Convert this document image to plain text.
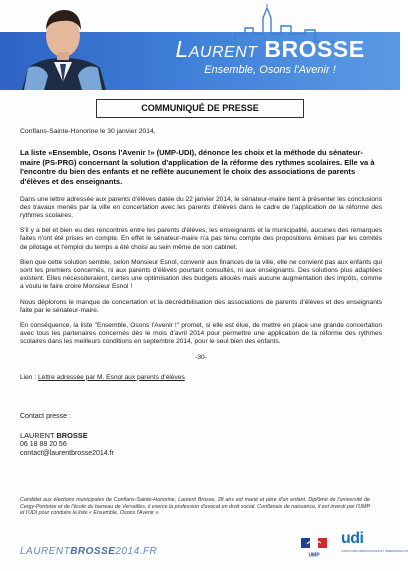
Laurent BROSSE
Ensemble, Osons l'Avenir !
COMMUNIQUÉ DE PRESSE
Conflans-Sainte-Honorine le 30 janvier 2014,
La liste «Ensemble, Osons l'Avenir !» (UMP-UDI), dénonce les choix et la méthode du sénateur-maire (PS-PRG) concernant la solution d'application de la réforme des rythmes scolaires. Elle va à l'encontre du bien des enfants et ne reflète aucunement le choix des associations de parents d'élèves et des enseignants.
Dans une lettre adressée aux parents d'élèves datée du 22 janvier 2014, le sénateur-maire tient à présenter les conclusions des travaux menés par la ville en concertation avec les parents d'élèves dans le cadre de l'application de la réforme des rythmes scolaires.
S'il y a bel et bien eu des rencontres entre les parents d'élèves, les enseignants et la municipalité, aucunes des remarques faites n'ont été prises en compte. En effet le sénateur-maire n'a pas tenu compte des propositions émises par les comités de pilotage et l'emploi du temps a été choisi au sein même de son cabinet.
Bien que cette solution semble, selon Monsieur Esnol, convenir aux finances de la ville, elle ne convient pas aux enfants qui sont les premiers concernés, ni aux parents d'élèves pourtant consultés, ni aux enseignants. Des solutions plus adaptées existent. Elles nécessiteraient, certes une optimisation des budgets alloués mais aucune augmentation des impôts, comme a voulu le faire croire Monsieur Esnol !
Nous déplorons le manque de concertation et la décrédibilisation des associations de parents d'élèves et des enseignants faite par le sénateur-maire.
En conséquence, la liste "Ensemble, Osons l'Avenir !" promet, si elle est élue, de mettre en place une grande concertation avec tous les partenaires concernés dès le mois d'avril 2014 pour permettre une application de la réforme des rythmes scolaires dans les meilleurs conditions en septembre 2014, pour le seul bien des enfants.
-30-
Lien : Lettre adressée par M. Esnol aux parents d'élèves
Contact presse :
LAURENT BROSSE
06 18 88 20 56
contact@laurentbrosse2014.fr
Candidat aux élections municipales de Conflans-Sainte-Honorine, Laurent Brosse, 28 ans est marié et père d'un enfant. Diplômé de l'université de Cergy-Pontoise et de l'école du barreau de Versailles, il exerce la profession d'avocat en droit social. Conflanais de naissance, il est investi par l'UMP et l'UDI pour conduire la liste « Ensemble, Osons l'Avenir ».
LAURENTBROSSE2014.FR	UMP
udi
UNION DES DÉMOCRATES ET INDÉPENDANTS
